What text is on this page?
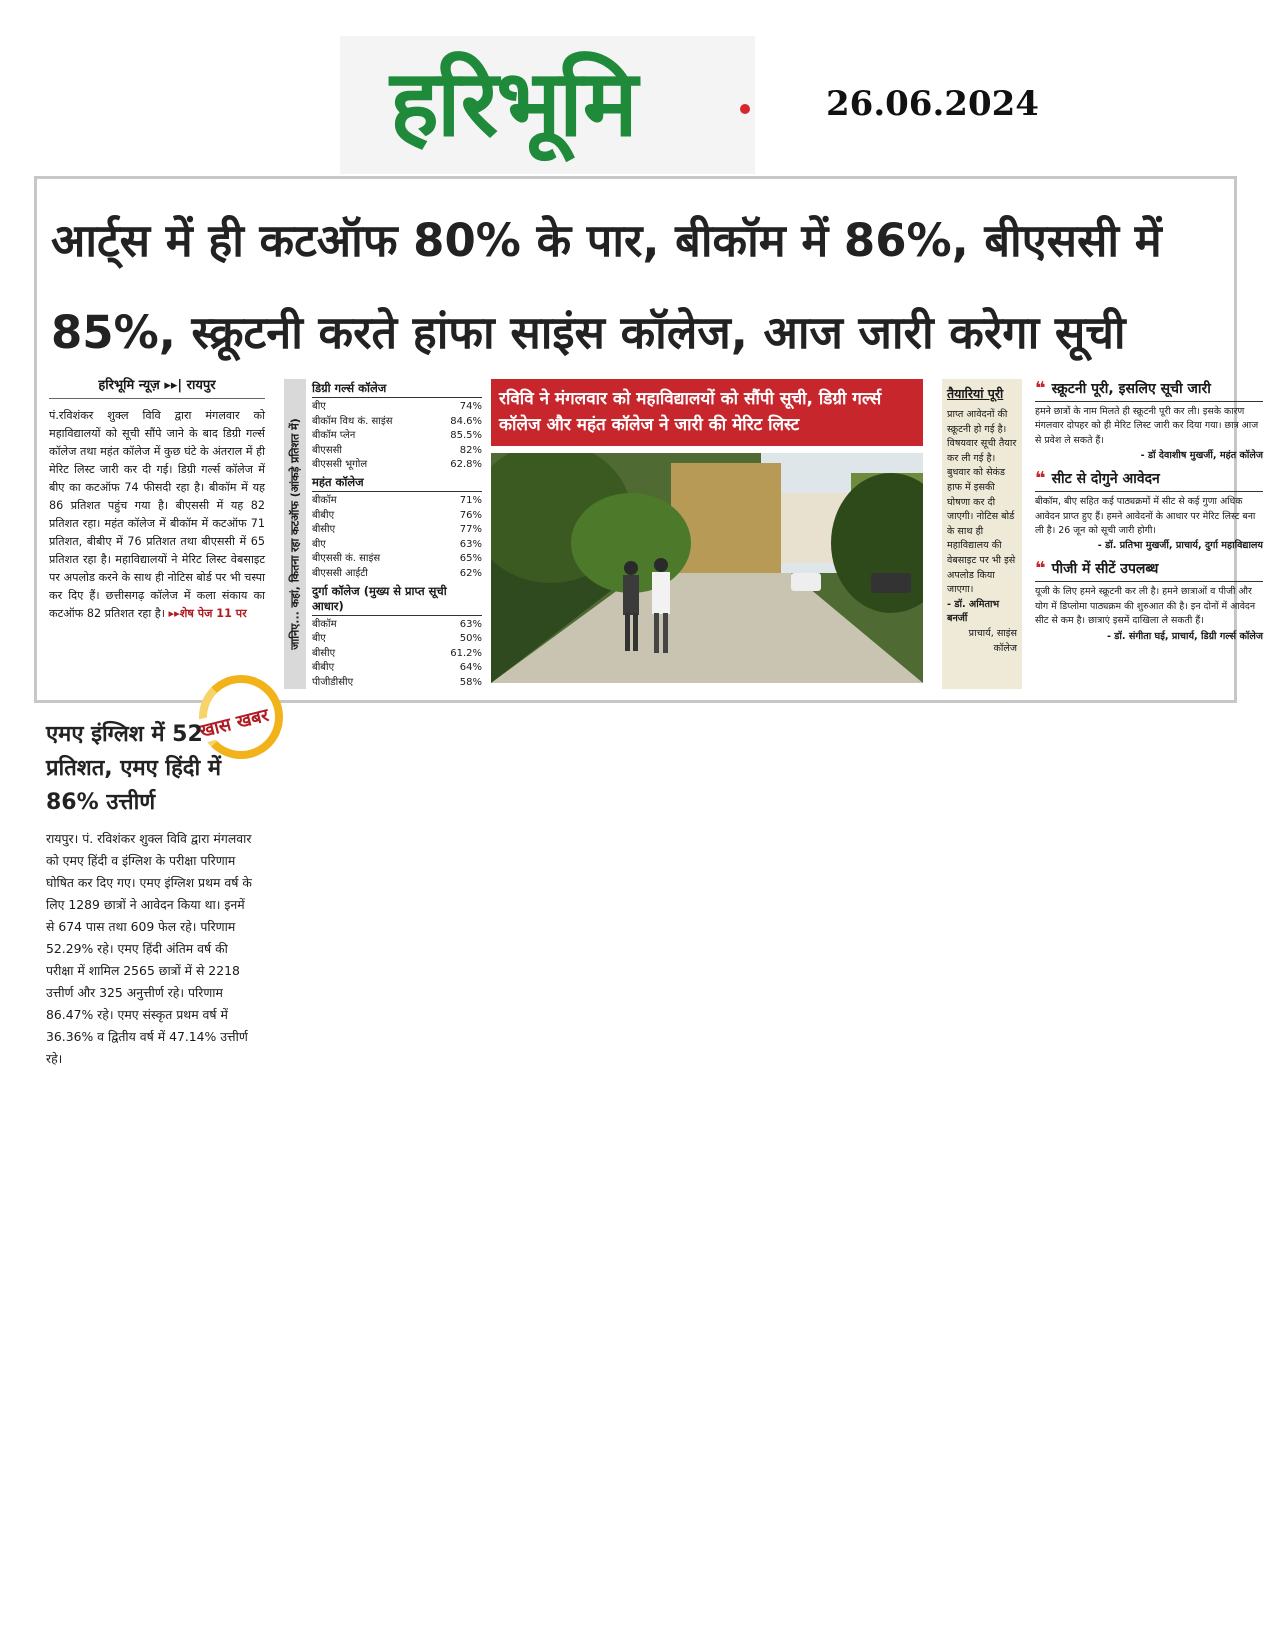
हरिभूमि	26.06.2024
आर्ट्स में ही कटऑफ 80% के पार, बीकॉम में 86%, बीएससी में 85%, स्क्रूटनी करते हांफा साइंस कॉलेज, आज जारी करेगा सूची
हरिभूमि न्यूज़ ▸▸| रायपुर

पं.रविशंकर शुक्ल विवि द्वारा मंगलवार को महाविद्यालयों को सूची सौंपे जाने के बाद डिग्री गर्ल्स कॉलेज तथा महंत कॉलेज में कुछ घंटे के अंतराल में ही मेरिट लिस्ट जारी कर दी गई। डिग्री गर्ल्स कॉलेज में बीए का कटऑफ 74 फीसदी रहा है। बीकॉम में यह 86 प्रतिशत पहुंच गया है। बीएससी में यह 82 प्रतिशत रहा। महंत कॉलेज में बीकॉम में कटऑफ 71 प्रतिशत, बीबीए में 76 प्रतिशत तथा बीएससी में 65 प्रतिशत रहा है। महाविद्यालयों ने मेरिट लिस्ट वेबसाइट पर अपलोड करने के साथ ही नोटिस बोर्ड पर भी चस्पा कर दिए हैं। छत्तीसगढ़ कॉलेज में कला संकाय का कटऑफ 82 प्रतिशत रहा है। ▸▸शेष पेज 11 पर

खास खबर
जानिए... कहां, कितना रहा कटऑफ (आंकड़े प्रतिशत में)
डिग्री गर्ल्स कॉलेज
बीए	74%
बीकॉम विथ कं. साइंस	84.6%
बीकॉम प्लेन	85.5%
बीएससी	82%
बीएससी भूगोल	62.8%
महंत कॉलेज
बीकॉम	71%
बीबीए	76%
बीसीए	77%
बीए	63%
बीएससी कं. साइंस	65%
बीएससी आईटी	62%
दुर्गा कॉलेज (मुख्य से प्राप्त सूची आधार)
बीकॉम	63%
बीए	50%
बीसीए	61.2%
बीबीए	64%
पीजीडीसीए	58%
रविवि ने मंगलवार को महाविद्यालयों को सौंपी सूची, डिग्री गर्ल्स कॉलेज और महंत कॉलेज ने जारी की मेरिट लिस्ट
तैयारियां पूरी

प्राप्त आवेदनों की स्क्रूटनी हो गई है। विषयवार सूची तैयार कर ली गई है। बुधवार को सेकंड हाफ में इसकी घोषणा कर दी जाएगी। नोटिस बोर्ड के साथ ही महाविद्यालय की वेबसाइट पर भी इसे अपलोड किया जाएगा।

- डॉ. अमिताभ बनर्जी

प्राचार्य, साइंस कॉलेज

❝ स्क्रूटनी पूरी, इसलिए सूची जारी
हमने छात्रों के नाम मिलते ही स्क्रूटनी पूरी कर ली। इसके कारण मंगलवार दोपहर को ही मेरिट लिस्ट जारी कर दिया गया। छात्र आज से प्रवेश ले सकते हैं।
- डॉ देवाशीष मुखर्जी, महंत कॉलेज
❝ सीट से दोगुने आवेदन
बीकॉम, बीए सहित कई पाठ्यक्रमों में सीट से कई गुणा अधिक आवेदन प्राप्त हुए हैं। हमने आवेदनों के आधार पर मेरिट लिस्ट बना ली है। 26 जून को सूची जारी होगी।
- डॉ. प्रतिभा मुखर्जी, प्राचार्य, दुर्गा महाविद्यालय
❝ पीजी में सीटें उपलब्ध
यूजी के लिए हमने स्क्रूटनी कर ली है। हमने छात्राओं व पीजी और योग में डिप्लोमा पाठ्यक्रम की शुरुआत की है। इन दोनों में आवेदन सीट से कम है। छात्राएं इसमें दाखिला ले सकती हैं।
- डॉ. संगीता घई, प्राचार्य, डिग्री गर्ल्स कॉलेज
एमए इंग्लिश में 52 प्रतिशत, एमए हिंदी में 86% उत्तीर्ण
रायपुर। पं. रविशंकर शुक्ल विवि द्वारा मंगलवार को एमए हिंदी व इंग्लिश के परीक्षा परिणाम घोषित कर दिए गए। एमए इंग्लिश प्रथम वर्ष के लिए 1289 छात्रों ने आवेदन किया था। इनमें से 674 पास तथा 609 फेल रहे। परिणाम 52.29% रहे। एमए हिंदी अंतिम वर्ष की परीक्षा में शामिल 2565 छात्रों में से 2218 उत्तीर्ण और 325 अनुत्तीर्ण रहे। परिणाम 86.47% रहे। एमए संस्कृत प्रथम वर्ष में 36.36% व द्वितीय वर्ष में 47.14% उत्तीर्ण रहे।
